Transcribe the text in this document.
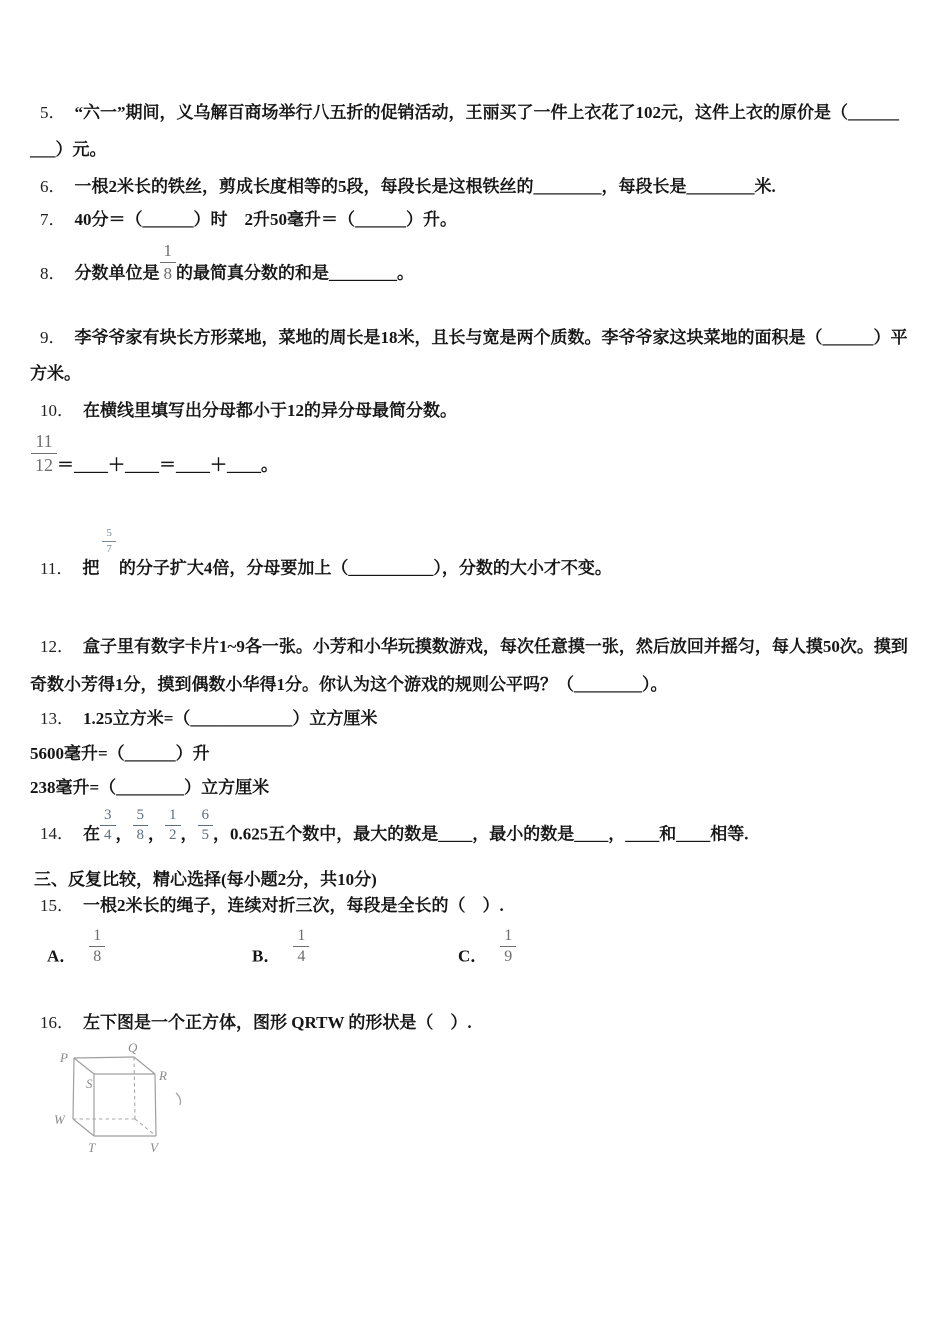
5． “六一”期间，义乌解百商场举行八五折的促销活动，王丽买了一件上衣花了102元，这件上衣的原价是（______
___）元。
6． 一根2米长的铁丝，剪成长度相等的5段，每段长是这根铁丝的________，每段长是________米.
7． 40分＝（______）时　2升50毫升＝（______）升。
8． 分数单位是 $\frac{1}{8}$ 的最简真分数的和是________。
9． 李爷爷家有块长方形菜地，菜地的周长是18米，且长与宽是两个质数。李爷爷家这块菜地的面积是（______）平
方米。
10． 在横线里填写出分母都小于12的异分母最简分数。
$\frac{11}{12}$ ＝____＋____＝____＋____。
11． 把
$\frac{5}{7}$
的分子扩大4倍，分母要加上（__________），分数的大小才不变。
12． 盒子里有数字卡片1~9各一张。小芳和小华玩摸数游戏，每次任意摸一张，然后放回并摇匀，每人摸50次。摸到
奇数小芳得1分，摸到偶数小华得1分。你认为这个游戏的规则公平吗？（________）。
13． 1.25立方米=（____________）立方厘米
5600毫升=（______）升
238毫升=（________）立方厘米
14． 在 $\frac{3}{4}$ ， $\frac{5}{8}$ ， $\frac{1}{2}$ ， $\frac{6}{5}$ ，0.625五个数中，最大的数是____，最小的数是____，____和____相等.
三、反复比较，精心选择(每小题2分，共10分)
15． 一根2米长的绳子，连续对折三次，每段是全长的（　）.
A． $\frac{1}{8}$	B． $\frac{1}{4}$	C． $\frac{1}{9}$
16． 左下图是一个正方体，图形 QRTW 的形状是（　）.
P
Q
R
S
W
T	V
